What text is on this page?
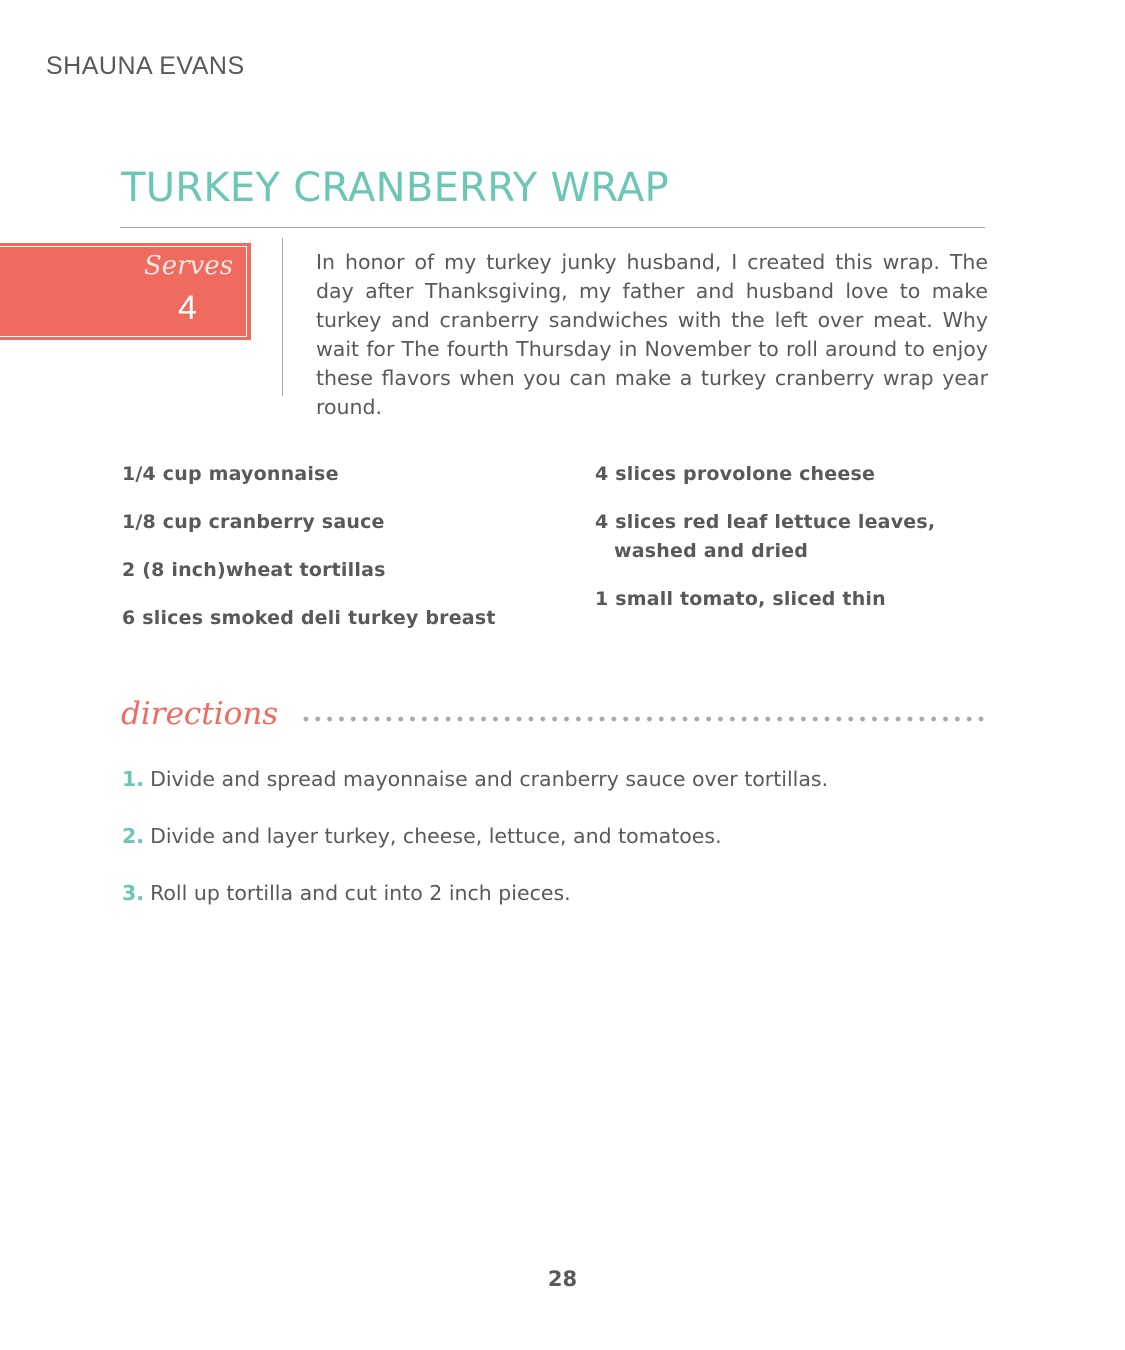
SHAUNA EVANS
TURKEY CRANBERRY WRAP
Serves
4
In honor of my turkey junky husband, I created this wrap. The day after Thanksgiving, my father and husband love to make turkey and cranberry sandwiches with the left over meat. Why wait for The fourth Thursday in November to roll around to enjoy these flavors when you can make a turkey cranberry wrap year round.
1/4 cup mayonnaise
1/8 cup cranberry sauce
2 (8 inch)wheat tortillas
6 slices smoked deli turkey breast
4 slices provolone cheese
4 slices red leaf lettuce leaves, washed and dried
1 small tomato, sliced thin
directions
1. Divide and spread mayonnaise and cranberry sauce over tortillas.
2. Divide and layer turkey, cheese, lettuce, and tomatoes.
3. Roll up tortilla and cut into 2 inch pieces.
28
